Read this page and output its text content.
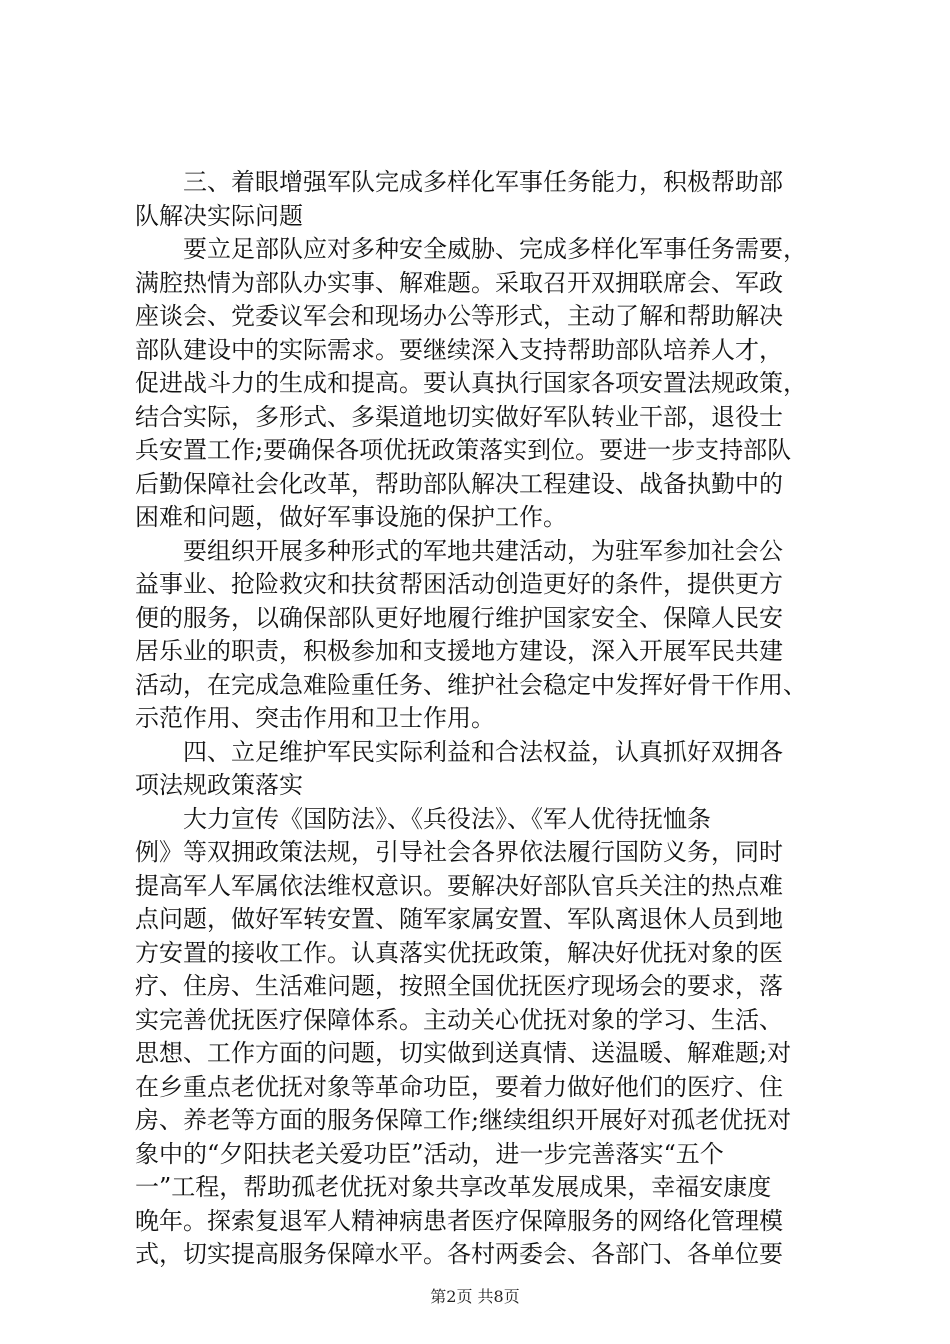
　　三、着眼增强军队完成多样化军事任务能力，积极帮助部
队解决实际问题
　　要立足部队应对多种安全威胁、完成多样化军事任务需要，
满腔热情为部队办实事、解难题。采取召开双拥联席会、军政
座谈会、党委议军会和现场办公等形式，主动了解和帮助解决
部队建设中的实际需求。要继续深入支持帮助部队培养人才，
促进战斗力的生成和提高。要认真执行国家各项安置法规政策，
结合实际，多形式、多渠道地切实做好军队转业干部，退役士
兵安置工作;要确保各项优抚政策落实到位。要进一步支持部队
后勤保障社会化改革，帮助部队解决工程建设、战备执勤中的
困难和问题，做好军事设施的保护工作。
　　要组织开展多种形式的军地共建活动，为驻军参加社会公
益事业、抢险救灾和扶贫帮困活动创造更好的条件，提供更方
便的服务，以确保部队更好地履行维护国家安全、保障人民安
居乐业的职责，积极参加和支援地方建设，深入开展军民共建
活动，在完成急难险重任务、维护社会稳定中发挥好骨干作用、
示范作用、突击作用和卫士作用。
　　四、立足维护军民实际利益和合法权益，认真抓好双拥各
项法规政策落实
　　大力宣传《国防法》、《兵役法》、《军人优待抚恤条
例》等双拥政策法规，引导社会各界依法履行国防义务，同时
提高军人军属依法维权意识。要解决好部队官兵关注的热点难
点问题，做好军转安置、随军家属安置、军队离退休人员到地
方安置的接收工作。认真落实优抚政策，解决好优抚对象的医
疗、住房、生活难问题，按照全国优抚医疗现场会的要求，落
实完善优抚医疗保障体系。主动关心优抚对象的学习、生活、
思想、工作方面的问题，切实做到送真情、送温暖、解难题;对
在乡重点老优抚对象等革命功臣，要着力做好他们的医疗、住
房、养老等方面的服务保障工作;继续组织开展好对孤老优抚对
象中的“夕阳扶老关爱功臣”活动，进一步完善落实“五个
一”工程，帮助孤老优抚对象共享改革发展成果，幸福安康度
晚年。探索复退军人精神病患者医疗保障服务的网络化管理模
式，切实提高服务保障水平。各村两委会、各部门、各单位要
第2页 共8页
